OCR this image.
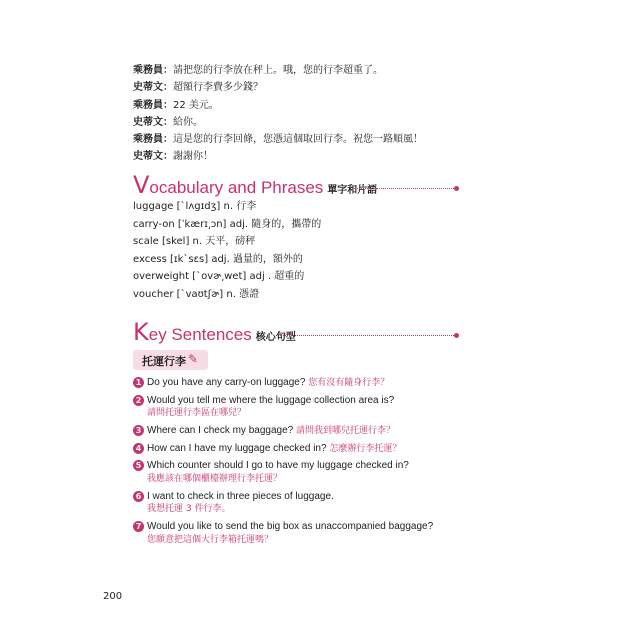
乘務員：請把您的行李放在秤上。哦，您的行李超重了。
史蒂文：超額行李費多少錢？
乘務員：22 美元。
史蒂文：給你。
乘務員：這是您的行李回條，您憑這個取回行李。祝您一路順風！
史蒂文：謝謝你！
Vocabulary and Phrases 單字和片語
luggage [ˋlʌgɪdʒ] n. 行李
carry-on [ˈkærɪ͵ɔn] adj. 隨身的，攜帶的
scale [skel] n. 天平，磅秤
excess [ɪkˋsɛs] adj. 過量的，額外的
overweight [ˋovɚ͵wet] adj . 超重的
voucher [ˋvaʊtʃɚ] n. 憑證
Key Sentences 核心句型
托運行李 ✎
1 Do you have any carry-on luggage? 您有沒有隨身行李？
2 Would you tell me where the luggage collection area is?
請問托運行李區在哪兒？
3 Where can I check my baggage? 請問我到哪兒托運行李？
4 How can I have my luggage checked in? 怎麼辦行李托運？
5 Which counter should I go to have my luggage checked in?
我應該在哪個櫃檯辦理行李托運？
6 I want to check in three pieces of luggage.
我想托運 3 件行李。
7 Would you like to send the big box as unaccompanied baggage?
您願意把這個大行李箱托運嗎？
200
